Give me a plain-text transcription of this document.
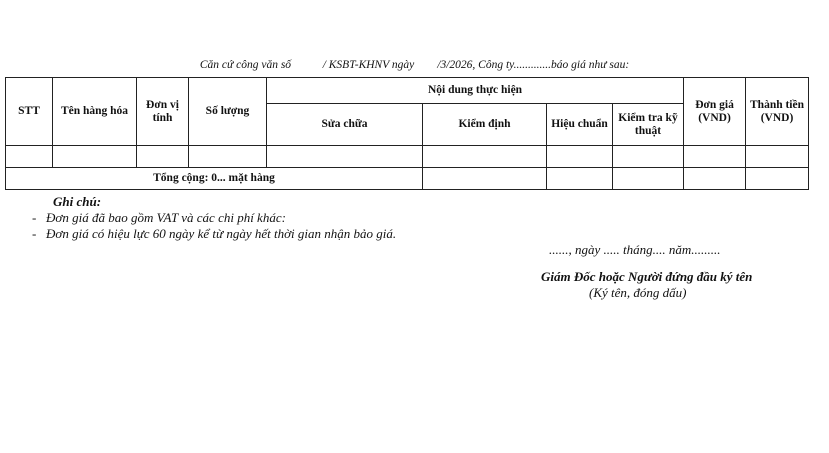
Căn cứ công văn số	/ KSBT-KHNV ngày /3/2026, Công ty.............báo giá như sau:
STT	Tên hàng hóa	Đơn vị tính	Số lượng	Nội dung thực hiện				Đơn giá (VND)	Thành tiền (VND)
				Sửa chữa	Kiểm định	Hiệu chuẩn	Kiểm tra kỹ thuật		

Tổng cộng: 0... mặt hàng									
Ghi chú:
- Đơn giá đã bao gồm VAT và các chi phí khác:
- Đơn giá có hiệu lực 60 ngày kể từ ngày hết thời gian nhận bảo giá.
......, ngày ..... tháng.... năm.........
Giám Đốc hoặc Người đứng đầu ký tên
(Ký tên, đóng dấu)
